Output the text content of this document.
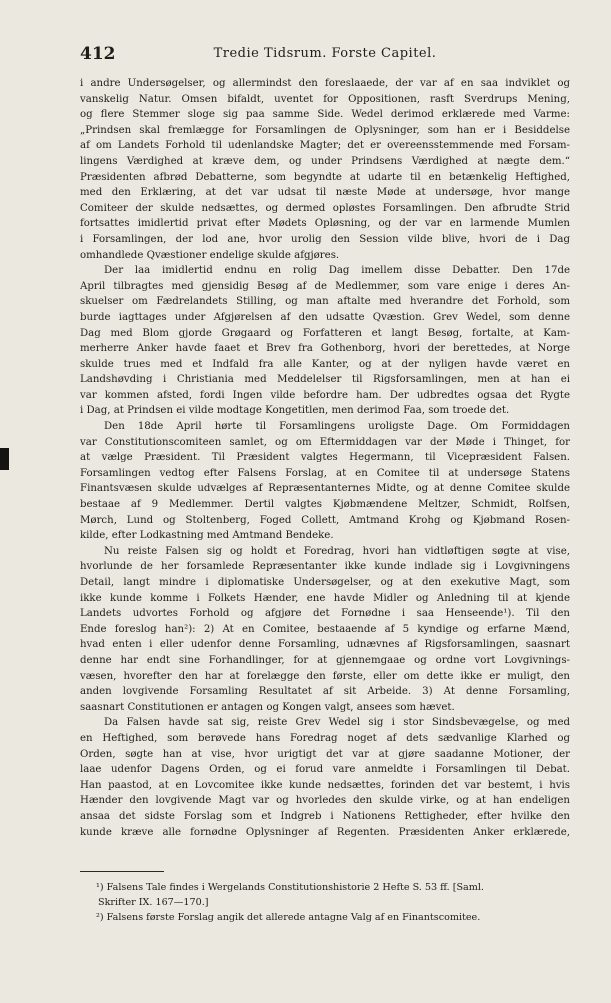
412	Tredie Tidsrum. Forste Capitel.
i andre Undersøgelser, og allermindst den foreslaaede, der var af en saa indviklet og
vanskelig Natur. Omsen bifaldt, uventet for Oppositionen, rasft Sverdrups Mening,
og flere Stemmer sloge sig paa samme Side. Wedel derimod erklærede med Varme:
„Prindsen skal fremlægge for Forsamlingen de Oplysninger, som han er i Besiddelse
af om Landets Forhold til udenlandske Magter; det er overeensstemmende med Forsam-
lingens Værdighed at kræve dem, og under Prindsens Værdighed at nægte dem.“
Præsidenten afbrød Debatterne, som begyndte at udarte til en betænkelig Heftighed,
med den Erklæring, at det var udsat til næste Møde at undersøge, hvor mange
Comiteer der skulde nedsættes, og dermed opløstes Forsamlingen. Den afbrudte Strid
fortsattes imidlertid privat efter Mødets Opløsning, og der var en larmende Mumlen
i Forsamlingen, der lod ane, hvor urolig den Session vilde blive, hvori de i Dag
omhandlede Qvæstioner endelige skulde afgjøres.
Der laa imidlertid endnu en rolig Dag imellem disse Debatter. Den 17de
April tilbragtes med gjensidig Besøg af de Medlemmer, som vare enige i deres An-
skuelser om Fædrelandets Stilling, og man aftalte med hverandre det Forhold, som
burde iagttages under Afgjørelsen af den udsatte Qvæstion. Grev Wedel, som denne
Dag med Blom gjorde Grøgaard og Forfatteren et langt Besøg, fortalte, at Kam-
merherre Anker havde faaet et Brev fra Gothenborg, hvori der berettedes, at Norge
skulde trues med et Indfald fra alle Kanter, og at der nyligen havde været en
Landshøvding i Christiania med Meddelelser til Rigsforsamlingen, men at han ei
var kommen afsted, fordi Ingen vilde befordre ham. Der udbredtes ogsaa det Rygte
i Dag, at Prindsen ei vilde modtage Kongetitlen, men derimod Faa, som troede det.
Den 18de April hørte til Forsamlingens uroligste Dage. Om Formiddagen
var Constitutionscomiteen samlet, og om Eftermiddagen var der Møde i Thinget, for
at vælge Præsident. Til Præsident valgtes Hegermann, til Vicepræsident Falsen.
Forsamlingen vedtog efter Falsens Forslag, at en Comitee til at undersøge Statens
Finantsvæsen skulde udvælges af Repræsentanternes Midte, og at denne Comitee skulde
bestaae af 9 Medlemmer. Dertil valgtes Kjøbmændene Meltzer, Schmidt, Rolfsen,
Mørch, Lund og Stoltenberg, Foged Collett, Amtmand Krohg og Kjøbmand Rosen-
kilde, efter Lodkastning med Amtmand Bendeke.
Nu reiste Falsen sig og holdt et Foredrag, hvori han vidtløftigen søgte at vise,
hvorlunde de her forsamlede Repræsentanter ikke kunde indlade sig i Lovgivningens
Detail, langt mindre i diplomatiske Undersøgelser, og at den exekutive Magt, som
ikke kunde komme i Folkets Hænder, ene havde Midler og Anledning til at kjende
Landets udvortes Forhold og afgjøre det Fornødne i saa Henseende¹). Til den
Ende foreslog han²): 2) At en Comitee, bestaaende af 5 kyndige og erfarne Mænd,
hvad enten i eller udenfor denne Forsamling, udnævnes af Rigsforsamlingen, saasnart
denne har endt sine Forhandlinger, for at gjennemgaae og ordne vort Lovgivnings-
væsen, hvorefter den har at forelægge den første, eller om dette ikke er muligt, den
anden lovgivende Forsamling Resultatet af sit Arbeide. 3) At denne Forsamling,
saasnart Constitutionen er antagen og Kongen valgt, ansees som hævet.
Da Falsen havde sat sig, reiste Grev Wedel sig i stor Sindsbevægelse, og med
en Heftighed, som berøvede hans Foredrag noget af dets sædvanlige Klarhed og
Orden, søgte han at vise, hvor urigtigt det var at gjøre saadanne Motioner, der
laae udenfor Dagens Orden, og ei forud vare anmeldte i Forsamlingen til Debat.
Han paastod, at en Lovcomitee ikke kunde nedsættes, forinden det var bestemt, i hvis
Hænder den lovgivende Magt var og hvorledes den skulde virke, og at han endeligen
ansaa det sidste Forslag som et Indgreb i Nationens Rettigheder, efter hvilke den
kunde kræve alle fornødne Oplysninger af Regenten. Præsidenten Anker erklærede,
¹) Falsens Tale findes i Wergelands Constitutionshistorie 2 Hefte S. 53 ff. [Saml.
Skrifter IX. 167—170.]
²) Falsens første Forslag angik det allerede antagne Valg af en Finantscomitee.
